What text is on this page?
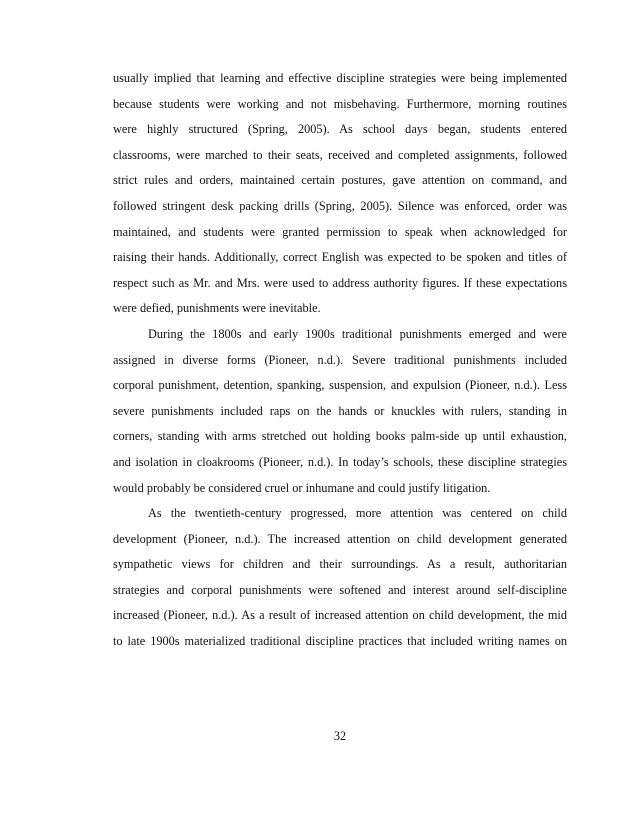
usually implied that learning and effective discipline strategies were being implemented
because students were working and not misbehaving. Furthermore, morning routines
were highly structured (Spring, 2005). As school days began, students entered
classrooms, were marched to their seats, received and completed assignments, followed
strict rules and orders, maintained certain postures, gave attention on command, and
followed stringent desk packing drills (Spring, 2005). Silence was enforced, order was
maintained, and students were granted permission to speak when acknowledged for
raising their hands. Additionally, correct English was expected to be spoken and titles of
respect such as Mr. and Mrs. were used to address authority figures. If these expectations
were defied, punishments were inevitable.
During the 1800s and early 1900s traditional punishments emerged and were
assigned in diverse forms (Pioneer, n.d.). Severe traditional punishments included
corporal punishment, detention, spanking, suspension, and expulsion (Pioneer, n.d.). Less
severe punishments included raps on the hands or knuckles with rulers, standing in
corners, standing with arms stretched out holding books palm-side up until exhaustion,
and isolation in cloakrooms (Pioneer, n.d.). In today’s schools, these discipline strategies
would probably be considered cruel or inhumane and could justify litigation.
As the twentieth-century progressed, more attention was centered on child
development (Pioneer, n.d.). The increased attention on child development generated
sympathetic views for children and their surroundings. As a result, authoritarian
strategies and corporal punishments were softened and interest around self-discipline
increased (Pioneer, n.d.). As a result of increased attention on child development, the mid
to late 1900s materialized traditional discipline practices that included writing names on
32
